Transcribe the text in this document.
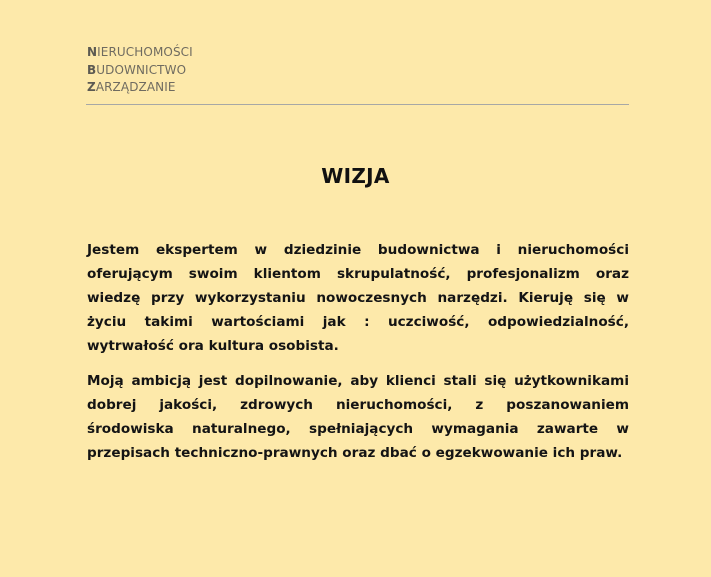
NIERUCHOMOŚCI
BUDOWNICTWO
ZARZĄDZANIE
WIZJA

Jestem ekspertem w dziedzinie budownictwa i nieruchomości oferującym swoim klientom skrupulatność, profesjonalizm oraz wiedzę przy wykorzystaniu nowoczesnych narzędzi. Kieruję się w życiu takimi wartościami jak : uczciwość, odpowiedzialność, wytrwałość ora kultura osobista.

Moją ambicją jest dopilnowanie, aby klienci stali się użytkownikami dobrej jakości, zdrowych nieruchomości, z poszanowaniem środowiska naturalnego, spełniających wymagania zawarte w przepisach techniczno-prawnych oraz dbać o egzekwowanie ich praw.
